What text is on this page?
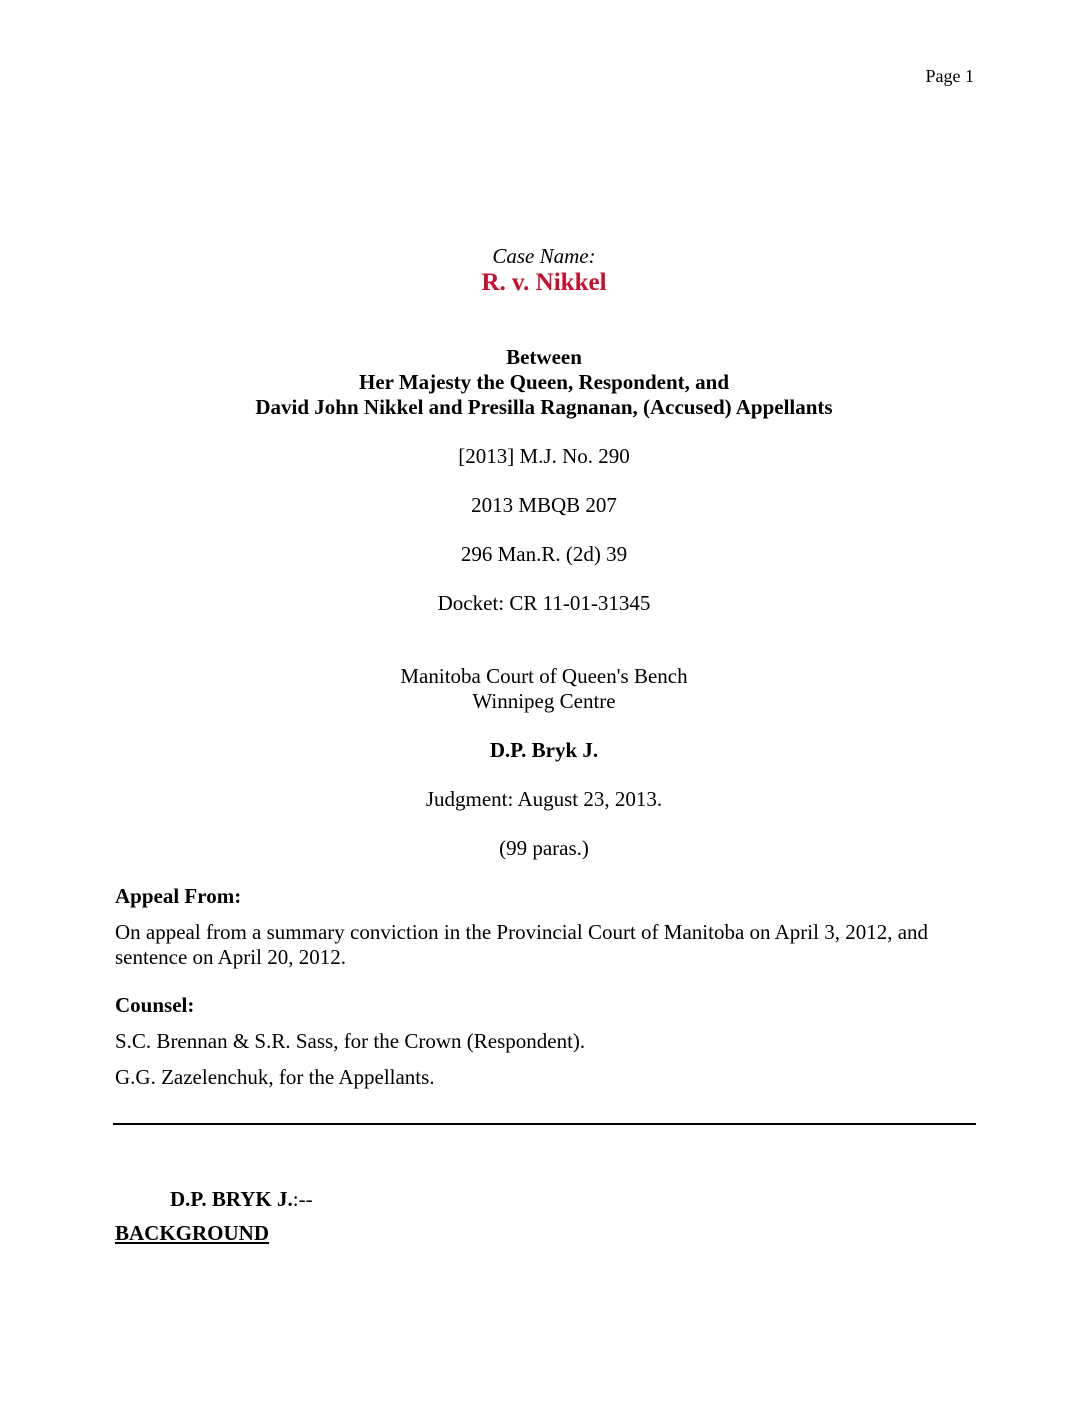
Page 1
Case Name:
R. v. Nikkel
Between
Her Majesty the Queen, Respondent, and
David John Nikkel and Presilla Ragnanan, (Accused) Appellants
[2013] M.J. No. 290
2013 MBQB 207
296 Man.R. (2d) 39
Docket: CR 11-01-31345
Manitoba Court of Queen's Bench
Winnipeg Centre
D.P. Bryk J.
Judgment: August 23, 2013.
(99 paras.)
Appeal From:
On appeal from a summary conviction in the Provincial Court of Manitoba on April 3, 2012, and
sentence on April 20, 2012.
Counsel:
S.C. Brennan & S.R. Sass, for the Crown (Respondent).
G.G. Zazelenchuk, for the Appellants.
D.P. BRYK J.:--
BACKGROUND
